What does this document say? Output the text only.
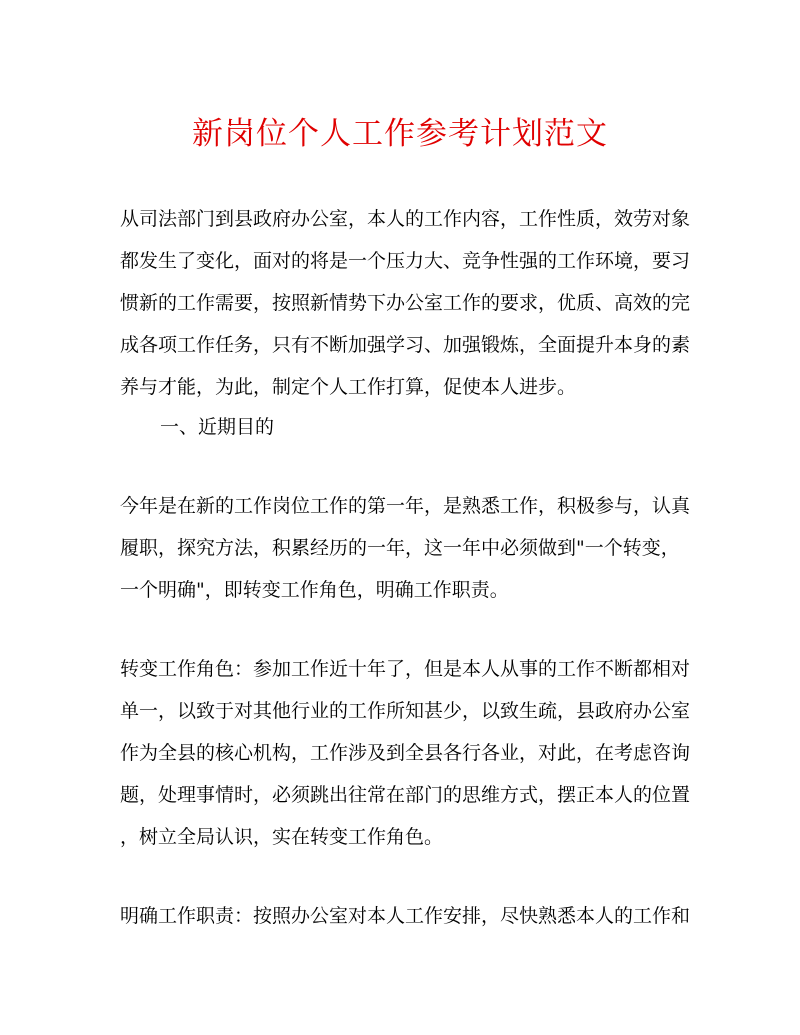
新岗位个人工作参考计划范文

从司法部门到县政府办公室，本人的工作内容，工作性质，效劳对象
都发生了变化，面对的将是一个压力大、竞争性强的工作环境，要习
惯新的工作需要，按照新情势下办公室工作的要求，优质、高效的完
成各项工作任务，只有不断加强学习、加强锻炼，全面提升本身的素
养与才能，为此，制定个人工作打算，促使本人进步。

一、近期目的

今年是在新的工作岗位工作的第一年，是熟悉工作，积极参与，认真
履职，探究方法，积累经历的一年，这一年中必须做到"一个转变，
一个明确"，即转变工作角色，明确工作职责。

转变工作角色：参加工作近十年了，但是本人从事的工作不断都相对
单一，以致于对其他行业的工作所知甚少，以致生疏，县政府办公室
作为全县的核心机构，工作涉及到全县各行各业，对此，在考虑咨询
题，处理事情时，必须跳出往常在部门的思维方式，摆正本人的位置
，树立全局认识，实在转变工作角色。

明确工作职责：按照办公室对本人工作安排，尽快熟悉本人的工作和
